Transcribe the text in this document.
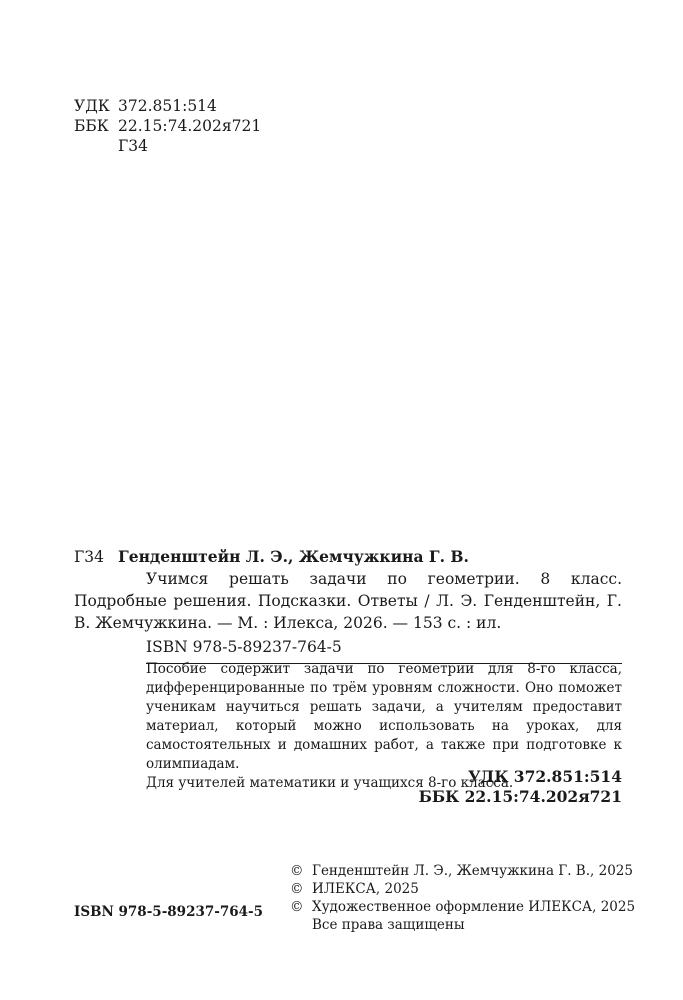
УДК 372.851:514
ББК 22.15:74.202я721
Г34
Г34 Генденштейн Л. Э., Жемчужкина Г. В.
Учимся решать задачи по геометрии. 8 класс. Подробные решения. Подсказки. Ответы / Л. Э. Генденштейн, Г. В. Жемчужкина. — М. : Илекса, 2026. — 153 с. : ил.
ISBN 978-5-89237-764-5

Пособие содержит задачи по геометрии для 8-го класса, дифференцированные по трём уровням сложности. Оно поможет ученикам научиться решать задачи, а учителям предоставит материал, который можно использовать на уроках, для самостоятельных и домашних работ, а также при подготовке к олимпиадам.

Для учителей математики и учащихся 8-го класса.

УДК 372.851:514
ББК 22.15:74.202я721
© Генденштейн Л. Э., Жемчужкина Г. В., 2025
© ИЛЕКСА, 2025
© Художественное оформление ИЛЕКСА, 2025
Все права защищены
ISBN 978-5-89237-764-5
